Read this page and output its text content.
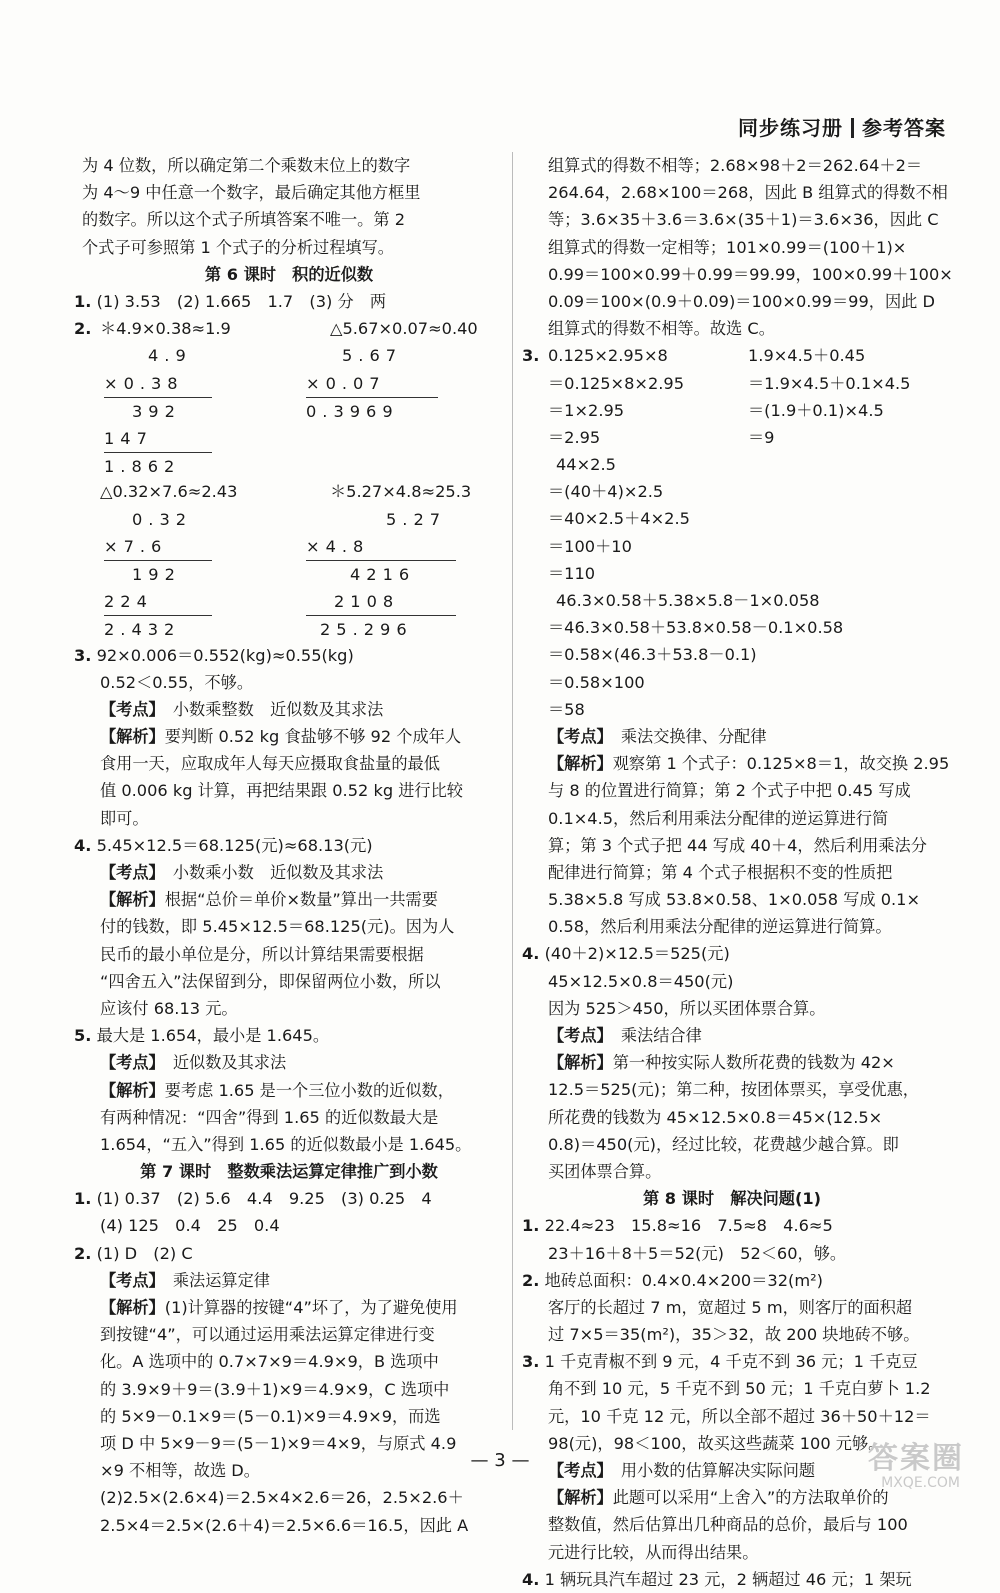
同步练习册 参考答案
为 4 位数，所以确定第二个乘数末位上的数字
为 4～9 中任意一个数字，最后确定其他方框里
的数字。所以这个式子所填答案不唯一。第 2
个式子可参照第 1 个式子的分析过程填写。
第 6 课时　积的近似数
1. (1) 3.53　(2) 1.665　1.7　(3) 分　两
2. ＊4.9×0.38≈1.9	△5.67×0.07≈0.40
4.9
×0.38
392
147
1.862
5.67
×0.07
0.3969
△0.32×7.6≈2.43	＊5.27×4.8≈25.3
0.32
×7.6
192
224
2.432
5.27
×4.8
4216
2108
25.296
3. 92×0.006＝0.552(kg)≈0.55(kg)
0.52＜0.55，不够。
【考点】　 小数乘整数　近似数及其求法
【解析】要判断 0.52 kg 食盐够不够 92 个成年人
食用一天，应取成年人每天应摄取食盐量的最低
值 0.006 kg 计算，再把结果跟 0.52 kg 进行比较
即可。
4. 5.45×12.5＝68.125(元)≈68.13(元)
【考点】　 小数乘小数　近似数及其求法
【解析】根据“总价＝单价×数量”算出一共需要
付的钱数，即 5.45×12.5＝68.125(元)。因为人
民币的最小单位是分，所以计算结果需要根据
“四舍五入”法保留到分，即保留两位小数，所以
应该付 68.13 元。
5. 最大是 1.654，最小是 1.645。
【考点】　 近似数及其求法
【解析】要考虑 1.65 是一个三位小数的近似数，
有两种情况：“四舍”得到 1.65 的近似数最大是
1.654，“五入”得到 1.65 的近似数最小是 1.645。
第 7 课时　整数乘法运算定律推广到小数
1. (1) 0.37　(2) 5.6　4.4　9.25　(3) 0.25　4
(4) 125　0.4　25　0.4
2. (1) D　(2) C
【考点】　 乘法运算定律
【解析】(1)计算器的按键“4”坏了，为了避免使用
到按键“4”，可以通过运用乘法运算定律进行变
化。A 选项中的 0.7×7×9＝4.9×9，B 选项中
的 3.9×9＋9＝(3.9＋1)×9＝4.9×9，C 选项中
的 5×9－0.1×9＝(5－0.1)×9＝4.9×9，而选
项 D 中 5×9－9＝(5－1)×9＝4×9，与原式 4.9
×9 不相等，故选 D。
(2)2.5×(2.6×4)＝2.5×4×2.6＝26，2.5×2.6＋
2.5×4＝2.5×(2.6＋4)＝2.5×6.6＝16.5，因此 A
组算式的得数不相等；2.68×98＋2＝262.64＋2＝
264.64，2.68×100＝268，因此 B 组算式的得数不相
等；3.6×35＋3.6＝3.6×(35＋1)＝3.6×36，因此 C
组算式的得数一定相等；101×0.99＝(100＋1)×
0.99＝100×0.99＋0.99＝99.99，100×0.99＋100×
0.09＝100×(0.9＋0.09)＝100×0.99＝99，因此 D
组算式的得数不相等。故选 C。
3. 0.125×2.95×8
＝0.125×8×2.95
＝1×2.95
＝2.95
1.9×4.5＋0.45
＝1.9×4.5＋0.1×4.5
＝(1.9＋0.1)×4.5
＝9
44×2.5
＝(40＋4)×2.5
＝40×2.5＋4×2.5
＝100＋10
＝110
46.3×0.58＋5.38×5.8－1×0.058
＝46.3×0.58＋53.8×0.58－0.1×0.58
＝0.58×(46.3＋53.8－0.1)
＝0.58×100
＝58
【考点】　 乘法交换律、分配律
【解析】观察第 1 个式子：0.125×8＝1，故交换 2.95
与 8 的位置进行简算；第 2 个式子中把 0.45 写成
0.1×4.5，然后利用乘法分配律的逆运算进行简
算；第 3 个式子把 44 写成 40＋4，然后利用乘法分
配律进行简算；第 4 个式子根据积不变的性质把
5.38×5.8 写成 53.8×0.58、1×0.058 写成 0.1×
0.58，然后利用乘法分配律的逆运算进行简算。
4. (40＋2)×12.5＝525(元)
45×12.5×0.8＝450(元)
因为 525＞450，所以买团体票合算。
【考点】　 乘法结合律
【解析】第一种按实际人数所花费的钱数为 42×
12.5＝525(元)；第二种，按团体票买，享受优惠，
所花费的钱数为 45×12.5×0.8＝45×(12.5×
0.8)＝450(元)，经过比较，花费越少越合算。即
买团体票合算。
第 8 课时　解决问题(1)
1. 22.4≈23　15.8≈16　7.5≈8　4.6≈5
23＋16＋8＋5＝52(元)　52＜60，够。
2. 地砖总面积：0.4×0.4×200＝32(m²)
客厅的长超过 7 m，宽超过 5 m，则客厅的面积超
过 7×5＝35(m²)，35＞32，故 200 块地砖不够。
3. 1 千克青椒不到 9 元，4 千克不到 36 元；1 千克豆
角不到 10 元，5 千克不到 50 元；1 千克白萝卜 1.2
元，10 千克 12 元，所以全部不超过 36＋50＋12＝
98(元)，98＜100，故买这些蔬菜 100 元够。
【考点】　 用小数的估算解决实际问题
【解析】此题可以采用“上舍入”的方法取单价的
整数值，然后估算出几种商品的总价，最后与 100
元进行比较，从而得出结果。
4. 1 辆玩具汽车超过 23 元，2 辆超过 46 元；1 架玩
— 3 —	答案圈
MXQE.COM
